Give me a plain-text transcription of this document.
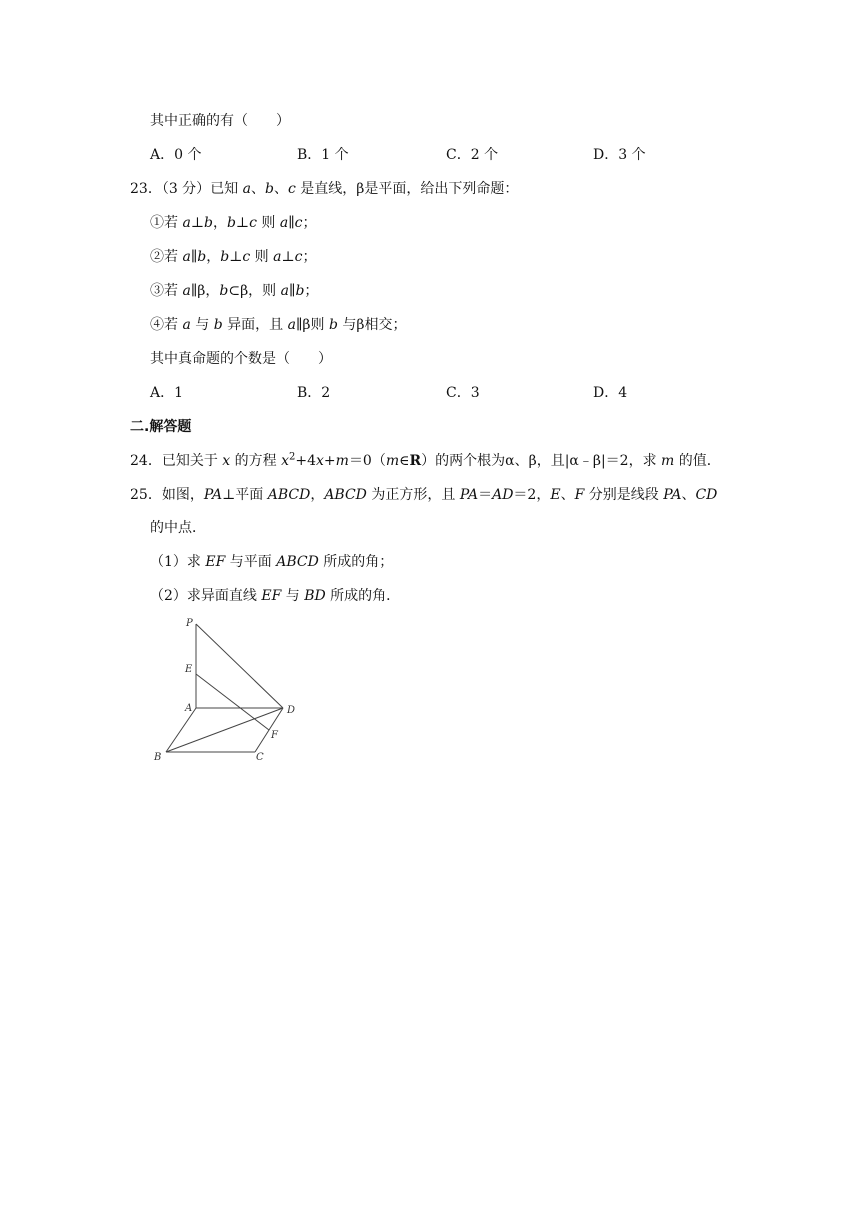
其中正确的有（　　）
A．0 个	B．1 个	C．2 个	D．3 个
23．（3 分）已知 a、b、c 是直线，β是平面，给出下列命题：
①若 a⊥b，b⊥c 则 a∥c；
②若 a∥b，b⊥c 则 a⊥c；
③若 a∥β，b⊂β，则 a∥b；
④若 a 与 b 异面，且 a∥β则 b 与β相交；
其中真命题的个数是（　　）
A．1	B．2	C．3	D．4
二.解答题
24．已知关于 x 的方程 $x^2+4x+m=0(m\in R)$的两个根为α、β，且|α﹣β|＝2，求 m 的值．
25．如图，PA⊥平面 ABCD，ABCD 为正方形，且 PA＝AD＝2，E、F 分别是线段 PA、CD
的中点．
（1）求 EF 与平面 ABCD 所成的角；
（2）求异面直线 EF 与 BD 所成的角．
P
E
A	D
F
B	C
